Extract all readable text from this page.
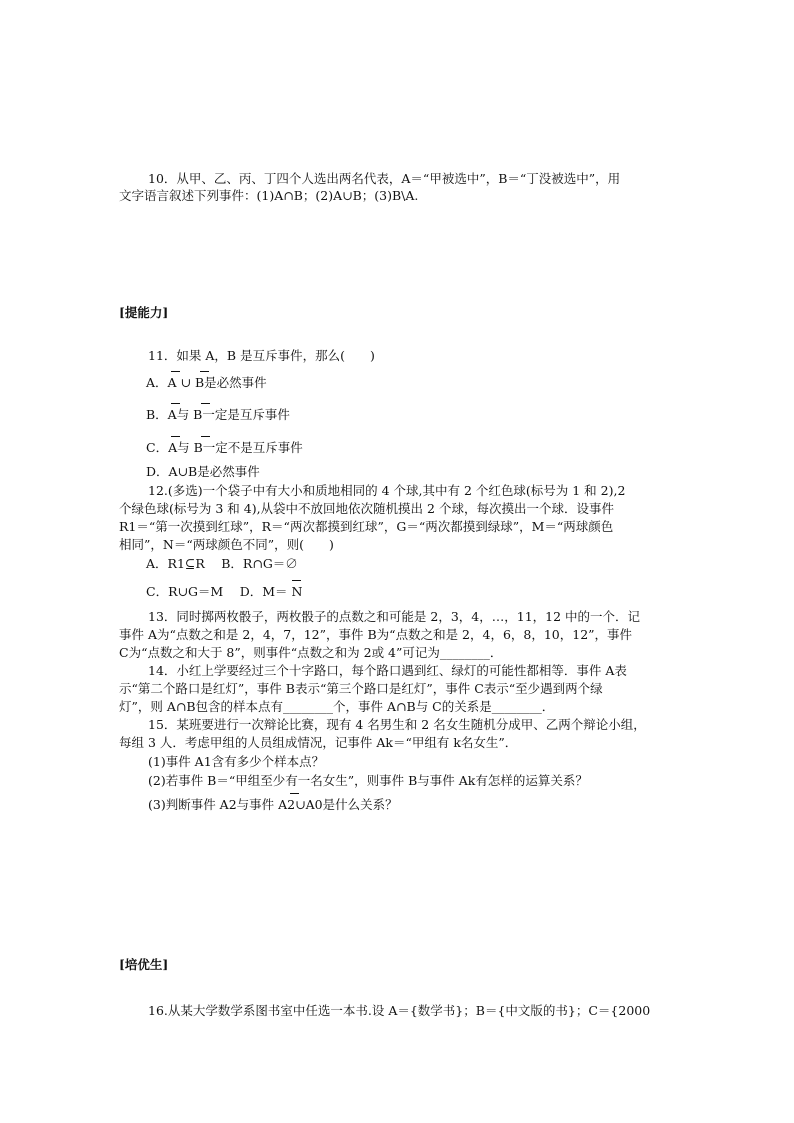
10．从甲、乙、丙、丁四个人选出两名代表，A＝“甲被选中”，B＝“丁没被选中”，用
文字语言叙述下列事件：(1)A∩B；(2)A∪B；(3)B\A.
[提能力]
11．如果 A，B 是互斥事件，那么(　　)
A．A ∪ B是必然事件
B．A与 B一定是互斥事件
C．A与 B一定不是互斥事件
D．A∪B是必然事件
12.(多选)一个袋子中有大小和质地相同的 4 个球,其中有 2 个红色球(标号为 1 和 2),2
个绿色球(标号为 3 和 4),从袋中不放回地依次随机摸出 2 个球，每次摸出一个球．设事件
R1＝“第一次摸到红球”，R＝“两次都摸到红球”，G＝“两次都摸到绿球”，M＝“两球颜色
相同”，N＝“两球颜色不同”，则(　　)
A．R1⊆R　 B．R∩G＝∅
C．R∪G＝M　 D．M＝ N
13．同时掷两枚骰子，两枚骰子的点数之和可能是 2，3，4，…，11，12 中的一个．记
事件 A为“点数之和是 2，4，7，12”，事件 B为“点数之和是 2，4，6，8，10，12”，事件
C为“点数之和大于 8”，则事件“点数之和为 2或 4”可记为________．
14．小红上学要经过三个十字路口，每个路口遇到红、绿灯的可能性都相等．事件 A表
示“第二个路口是红灯”，事件 B表示“第三个路口是红灯”，事件 C表示“至少遇到两个绿
灯”，则 A∩B包含的样本点有________个，事件 A∩B与 C的关系是________．
15．某班要进行一次辩论比赛，现有 4 名男生和 2 名女生随机分成甲、乙两个辩论小组，
每组 3 人．考虑甲组的人员组成情况，记事件 Ak＝“甲组有 k名女生”．
(1)事件 A1含有多少个样本点？
(2)若事件 B＝“甲组至少有一名女生”，则事件 B与事件 Ak有怎样的运算关系？
(3)判断事件 A2与事件 A2∪A0是什么关系？
[培优生]
16.从某大学数学系图书室中任选一本书.设 A＝{数学书}；B＝{中文版的书}；C＝{2000
